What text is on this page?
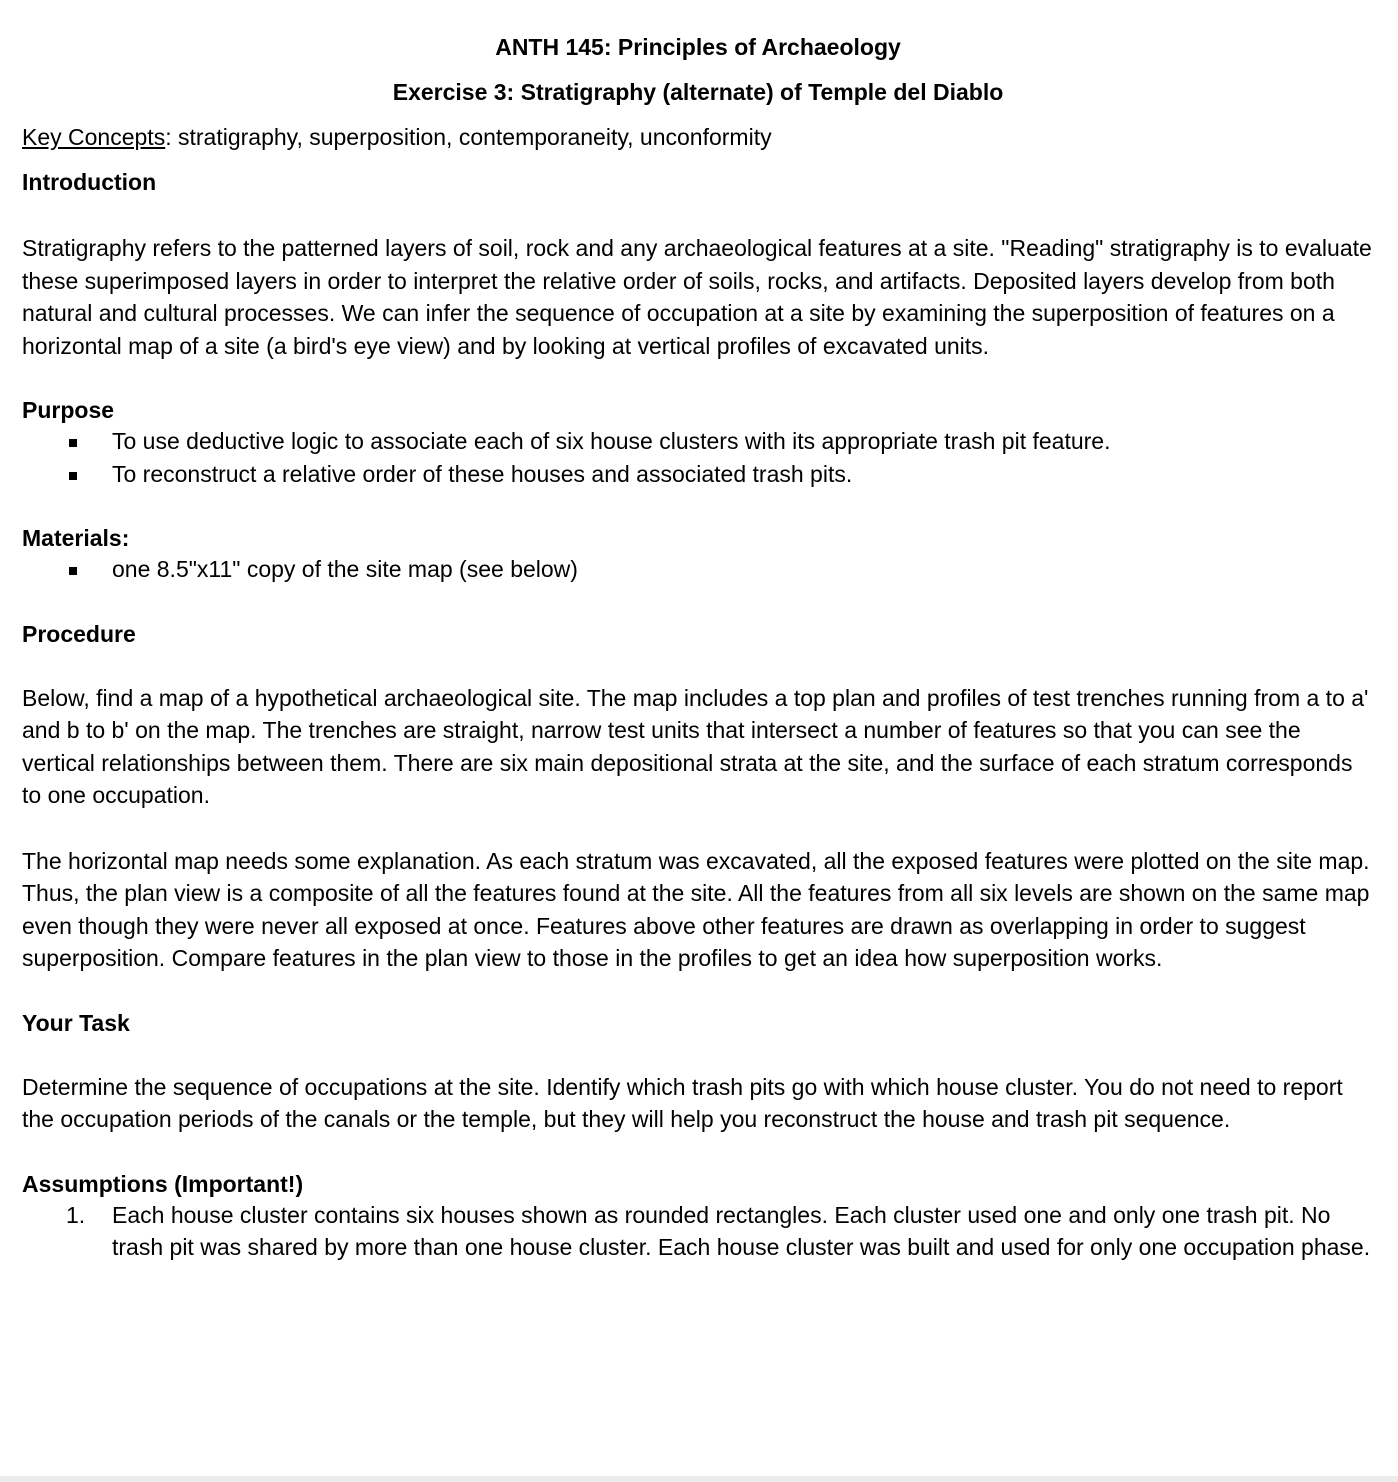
ANTH 145: Principles of Archaeology

Exercise 3: Stratigraphy (alternate) of Temple del Diablo

Key Concepts: stratigraphy, superposition, contemporaneity, unconformity

Introduction

Stratigraphy refers to the patterned layers of soil, rock and any archaeological features at a site. "Reading" stratigraphy is to evaluate these superimposed layers in order to interpret the relative order of soils, rocks, and artifacts. Deposited layers develop from both natural and cultural processes. We can infer the sequence of occupation at a site by examining the superposition of features on a horizontal map of a site (a bird's eye view) and by looking at vertical profiles of excavated units.

Purpose

To use deductive logic to associate each of six house clusters with its appropriate trash pit feature.
To reconstruct a relative order of these houses and associated trash pits.

Materials:

one 8.5"x11" copy of the site map (see below)

Procedure

Below, find a map of a hypothetical archaeological site. The map includes a top plan and profiles of test trenches running from a to a' and b to b' on the map. The trenches are straight, narrow test units that intersect a number of features so that you can see the vertical relationships between them. There are six main depositional strata at the site, and the surface of each stratum corresponds to one occupation.

The horizontal map needs some explanation. As each stratum was excavated, all the exposed features were plotted on the site map. Thus, the plan view is a composite of all the features found at the site. All the features from all six levels are shown on the same map even though they were never all exposed at once. Features above other features are drawn as overlapping in order to suggest superposition. Compare features in the plan view to those in the profiles to get an idea how superposition works.

Your Task

Determine the sequence of occupations at the site. Identify which trash pits go with which house cluster. You do not need to report the occupation periods of the canals or the temple, but they will help you reconstruct the house and trash pit sequence.

Assumptions (Important!)

1. Each house cluster contains six houses shown as rounded rectangles. Each cluster used one and only one trash pit. No trash pit was shared by more than one house cluster. Each house cluster was built and used for only one occupation phase.
